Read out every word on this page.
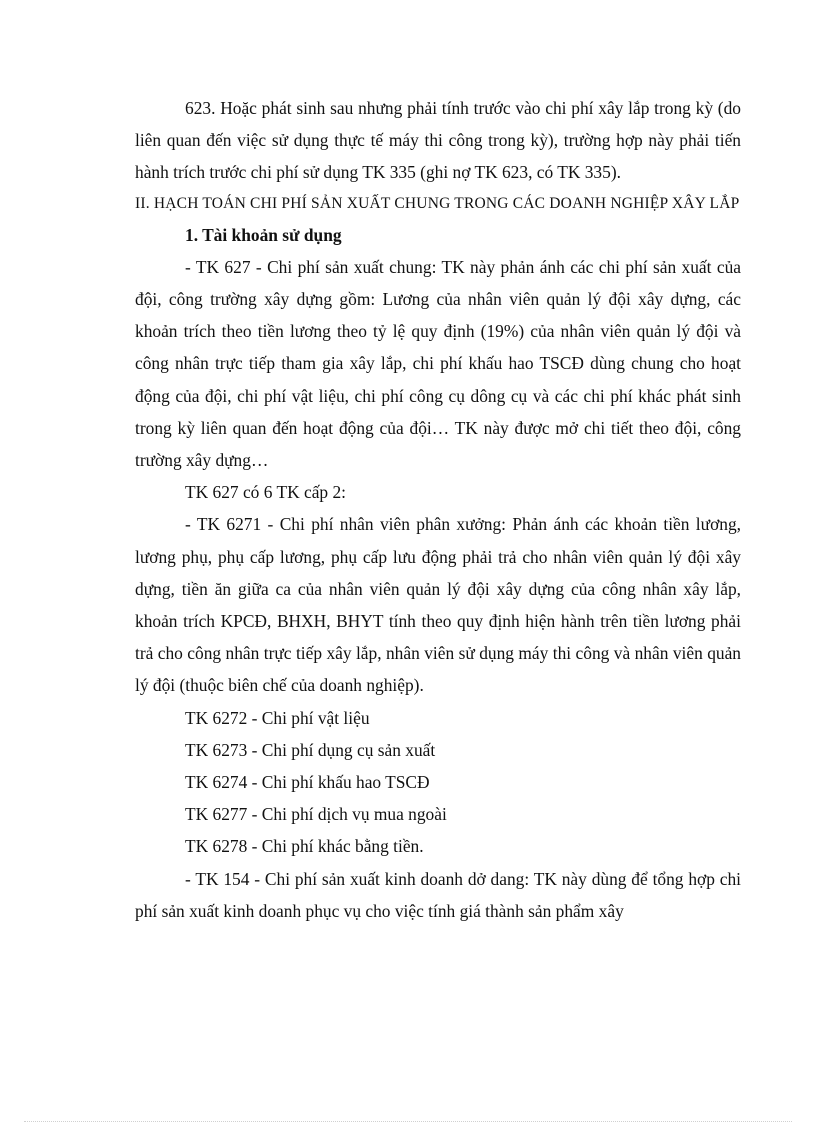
623. Hoặc phát sinh sau nhưng phải tính trước vào chi phí xây lắp trong kỳ (do liên quan đến việc sử dụng thực tế máy thi công trong kỳ), trường hợp này phải tiến hành trích trước chi phí sử dụng TK 335 (ghi nợ TK 623, có TK 335).

II. HẠCH TOÁN CHI PHÍ SẢN XUẤT CHUNG TRONG CÁC DOANH NGHIỆP XÂY LẮP

1. Tài khoản sử dụng

- TK 627 - Chi phí sản xuất chung: TK này phản ánh các chi phí sản xuất của đội, công trường xây dựng gồm: Lương của nhân viên quản lý đội xây dựng, các khoản trích theo tiền lương theo tỷ lệ quy định (19%) của nhân viên quản lý đội và công nhân trực tiếp tham gia xây lắp, chi phí khấu hao TSCĐ dùng chung cho hoạt động của đội, chi phí vật liệu, chi phí công cụ dông cụ và các chi phí khác phát sinh trong kỳ liên quan đến hoạt động của đội… TK này được mở chi tiết theo đội, công trường xây dựng…

TK 627 có 6 TK cấp 2:

- TK 6271 - Chi phí nhân viên phân xưởng: Phản ánh các khoản tiền lương, lương phụ, phụ cấp lương, phụ cấp lưu động phải trả cho nhân viên quản lý đội xây dựng, tiền ăn giữa ca của nhân viên quản lý đội xây dựng của công nhân xây lắp, khoản trích KPCĐ, BHXH, BHYT tính theo quy định hiện hành trên tiền lương phải trả cho công nhân trực tiếp xây lắp, nhân viên sử dụng máy thi công và nhân viên quản lý đội (thuộc biên chế của doanh nghiệp).

TK 6272 - Chi phí vật liệu

TK 6273 - Chi phí dụng cụ sản xuất

TK 6274 - Chi phí khấu hao TSCĐ

TK 6277 - Chi phí dịch vụ mua ngoài

TK 6278 - Chi phí khác bằng tiền.

- TK 154 - Chi phí sản xuất kinh doanh dở dang: TK này dùng để tổng hợp chi phí sản xuất kinh doanh phục vụ cho việc tính giá thành sản phẩm xây
